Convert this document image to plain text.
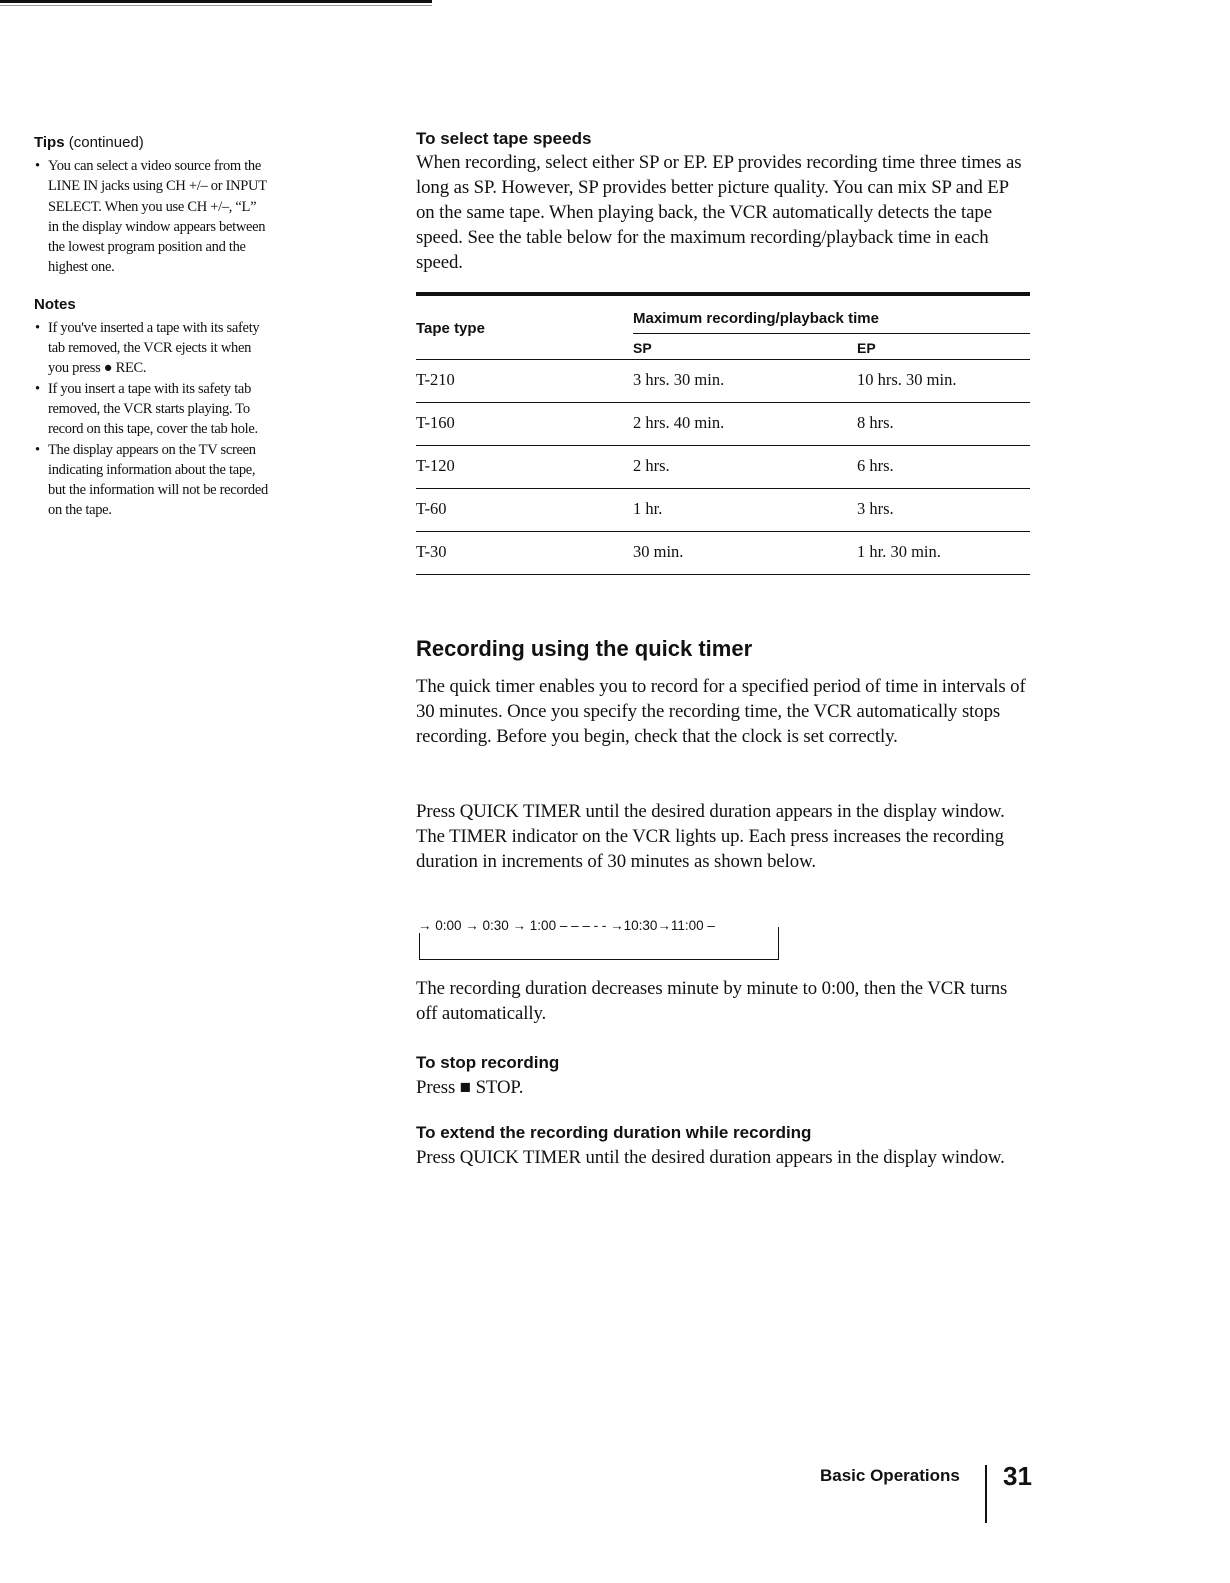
Tips (continued)

• You can select a video source from the LINE IN jacks using CH +/– or INPUT SELECT. When you use CH +/–, “L” in the display window appears between the lowest program position and the highest one.

Notes

• If you've inserted a tape with its safety tab removed, the VCR ejects it when you press ● REC.
• If you insert a tape with its safety tab removed, the VCR starts playing. To record on this tape, cover the tab hole.
• The display appears on the TV screen indicating information about the tape, but the information will not be recorded on the tape.

To select tape speeds

When recording, select either SP or EP. EP provides recording time three times as long as SP. However, SP provides better picture quality. You can mix SP and EP on the same tape. When playing back, the VCR automatically detects the tape speed. See the table below for the maximum recording/playback time in each speed.

Tape type
Maximum recording/playback time
SP	EP
T-210	3 hrs. 30 min.	10 hrs. 30 min.
T-160	2 hrs. 40 min.	8 hrs.
T-120	2 hrs.	6 hrs.
T-60	1 hr.	3 hrs.
T-30	30 min.	1 hr. 30 min.
Recording using the quick timer

The quick timer enables you to record for a specified period of time in intervals of 30 minutes. Once you specify the recording time, the VCR automatically stops recording. Before you begin, check that the clock is set correctly.

Press QUICK TIMER until the desired duration appears in the display window. The TIMER indicator on the VCR lights up. Each press increases the recording duration in increments of 30 minutes as shown below.

→ 0:00 → 0:30 → 1:00 – – – - - →10:30→11:00 –

The recording duration decreases minute by minute to 0:00, then the VCR turns off automatically.

To stop recording

Press ■ STOP.

To extend the recording duration while recording

Press QUICK TIMER until the desired duration appears in the display window.

Basic Operations 31
